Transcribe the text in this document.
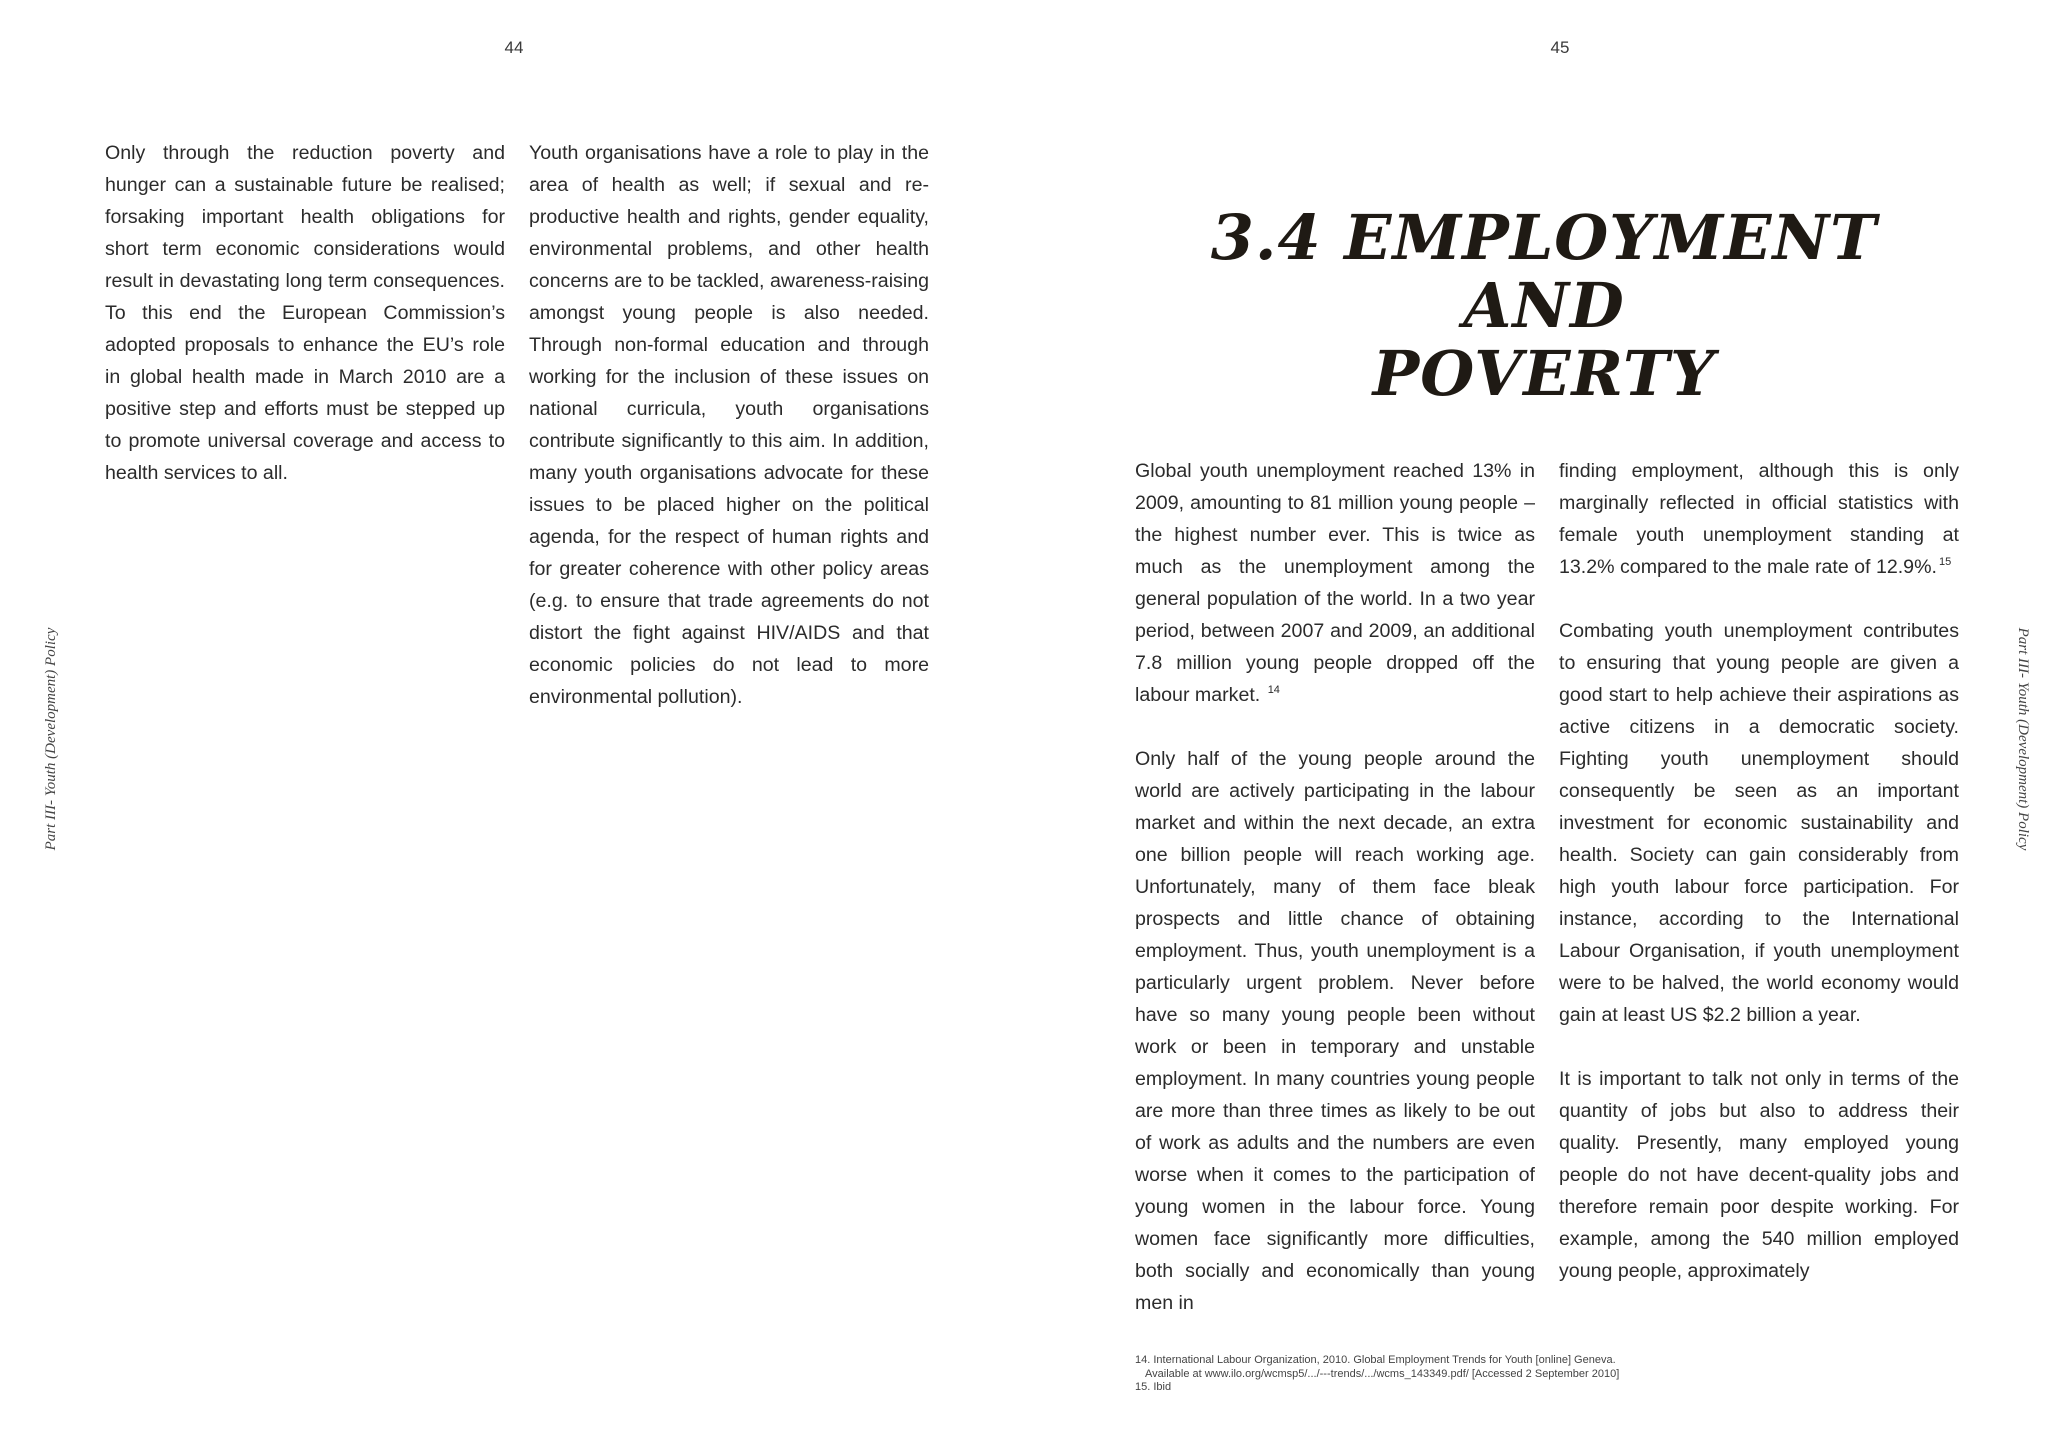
44
Part III- Youth (Development) Policy

Only through the reduction poverty and hunger can a sustainable future be realised; forsaking important health obligations for short term economic considerations would result in devastating long term consequences. To this end the European Commission’s adopted proposals to enhance the EU’s role in global health made in March 2010 are a positive step and efforts must be stepped up to promote universal coverage and access to health services to all.

Youth organisations have a role to play in the area of health as well; if sexual and reproductive health and rights, gender equality, environmental problems, and other health concerns are to be tackled, awareness-raising amongst young people is also needed. Through non-formal education and through working for the inclusion of these issues on national curricula, youth organisations contribute significantly to this aim. In addition, many youth organisations advocate for these issues to be placed higher on the political agenda, for the respect of human rights and for greater coherence with other policy areas (e.g. to ensure that trade agreements do not distort the fight against HIV/AIDS and that economic policies do not lead to more environmental pollution).

45
Part III- Youth (Development) Policy
3.4 EMPLOYMENT AND
POVERTY

Global youth unemployment reached 13% in 2009, amounting to 81 million young people – the highest number ever. This is twice as much as the unemployment among the general population of the world. In a two year period, between 2007 and 2009, an additional 7.8 million young people dropped off the labour market. $^{14}$

Only half of the young people around the world are actively participating in the labour market and within the next decade, an extra one billion people will reach working age. Unfortunately, many of them face bleak prospects and little chance of obtaining employment. Thus, youth unemployment is a particularly urgent problem. Never before have so many young people been without work or been in temporary and unstable employment. In many countries young people are more than three times as likely to be out of work as adults and the numbers are even worse when it comes to the participation of young women in the labour force. Young women face significantly more difficulties, both socially and economically than young men in

finding employment, although this is only marginally reflected in official statistics with female youth unemployment standing at 13.2% compared to the male rate of 12.9%. $^{15}$

Combating youth unemployment contributes to ensuring that young people are given a good start to help achieve their aspirations as active citizens in a democratic society. Fighting youth unemployment should consequently be seen as an important investment for economic sustainability and health. Society can gain considerably from high youth labour force participation. For instance, according to the International Labour Organisation, if youth unemployment were to be halved, the world economy would gain at least US $2.2 billion a year.

It is important to talk not only in terms of the quantity of jobs but also to address their quality. Presently, many employed young people do not have decent-quality jobs and therefore remain poor despite working. For example, among the 540 million employed young people, approximately

14. International Labour Organization, 2010. Global Employment Trends for Youth [online] Geneva.
Available at www.ilo.org/wcmsp5/.../---trends/.../wcms_143349.pdf/ [Accessed 2 September 2010]
15. Ibid
